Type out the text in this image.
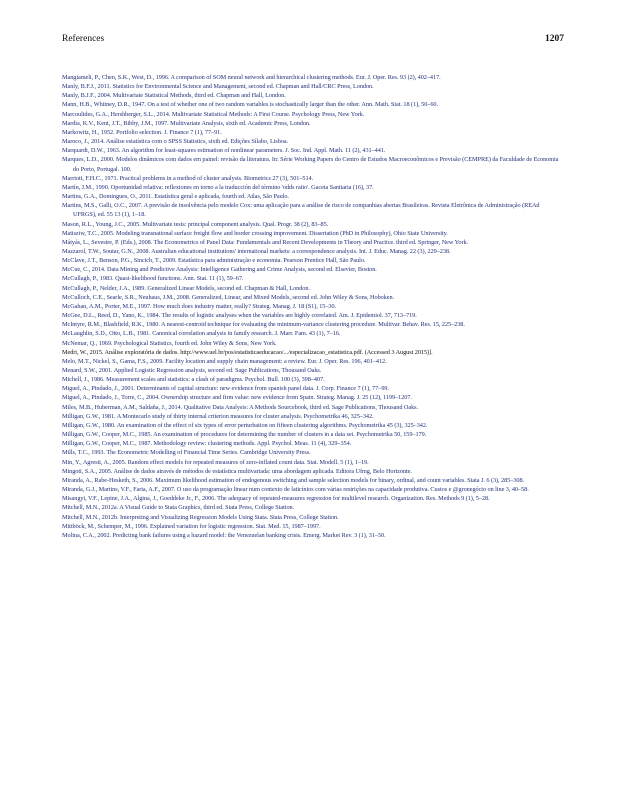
References	1207
Mangiameli, P., Chen, S.K., West, D., 1996. A comparison of SOM neural network and hierarchical clustering methods. Eur. J. Oper. Res. 93 (2), 402–417.
Manly, B.F.J., 2011. Statistics for Environmental Science and Management, second ed. Chapman and Hall/CRC Press, London.
Manly, B.J.F., 2004. Multivariate Statistical Methods, third ed. Chapman and Hall, London.
Mann, H.B., Whitney, D.R., 1947. On a test of whether one of two random variables is stochastically larger than the other. Ann. Math. Stat. 18 (1), 50–60.
Marcoulides, G.A., Hershberger, S.L., 2014. Multivariate Statistical Methods: A First Course. Psychology Press, New York.
Mardia, K.V., Kent, J.T., Bibby, J.M., 1997. Multivariate Analysis, sixth ed. Academic Press, London.
Markowitz, H., 1952. Portfolio selection. J. Finance 7 (1), 77–91.
Maroco, J., 2014. Análise estatística com o SPSS Statistics, sixth ed. Edições Sílabo, Lisboa.
Marquardt, D.W., 1963. An algorithm for least-squares estimation of nonlinear parameters. J. Soc. Ind. Appl. Math. 11 (2), 431–441.
Marques, L.D., 2000. Modelos dinâmicos com dados em painel: revisão da literatura. In: Série Working Papers do Centro de Estudos Macroeconômicos e Previsão (CEMPRE) da Faculdade de Economia do Porto, Portugal. 100.
Marriott, F.H.C., 1971. Practical problems in a method of cluster analysis. Biometrics 27 (3), 501–514.
Martín, J.M., 1990. Oportunidad relativa: reflexiones en torno a la traducción del término 'odds ratio'. Gaceta Sanitaria (16), 37.
Martins, G.A., Domingues, O., 2011. Estatística geral e aplicada, fourth ed. Atlas, São Paulo.
Martins, M.S., Galli, O.C., 2007. A previsão de insolvência pelo modelo Cox: uma aplicação para a análise de risco de companhias abertas Brasileiras. Revista Eletrônica de Administração (REAd UFRGS), ed. 55 13 (1), 1–18.
Mason, R.L., Young, J.C., 2005. Multivariate tests: principal component analysis. Qual. Progr. 38 (2), 83–85.
Matisziw, T.C., 2005. Modeling transnational surface freight flow and border crossing improvement. Dissertation (PhD in Philosophy), Ohio State University.
Mátyás, L., Sevestre, P. (Eds.), 2008. The Econometrics of Panel Data: Fundamentals and Recent Developments in Theory and Practice. third ed. Springer, New York.
Mazzarol, T.W., Soutar, G.N., 2008. Australian educational institutions' international markets: a correspondence analysis. Int. J. Educ. Manag. 22 (3), 229–238.
McClave, J.T., Benson, P.G., Sincich, T., 2009. Estatística para administração e economia. Pearson Prentice Hall, São Paulo.
McCue, C., 2014. Data Mining and Predictive Analysis: Intelligence Gathering and Crime Analysis, second ed. Elsevier, Boston.
McCullagh, P., 1983. Quasi-likelihood functions. Ann. Stat. 11 (1), 59–67.
McCullagh, P., Nelder, J.A., 1989. Generalized Linear Models, second ed. Chapman & Hall, London.
McCulloch, C.E., Searle, S.R., Neuhaus, J.M., 2008. Generalized, Linear, and Mixed Models, second ed. John Wiley & Sons, Hoboken.
McGahan, A.M., Porter, M.E., 1997. How much does industry matter, really? Strateg. Manag. J. 18 (S1), 15–30.
McGee, D.L., Reed, D., Yano, K., 1984. The results of logistic analyses when the variables are highly correlated. Am. J. Epidemiol. 37, 713–719.
McIntyre, R.M., Blashfield, R.K., 1980. A nearest-centroid technique for evaluating the minimum-variance clustering procedure. Multivar. Behav. Res. 15, 225–238.
McLaughlin, S.D., Otto, L.B., 1981. Canonical correlation analysis in family research. J. Marr. Fam. 43 (1), 7–16.
McNemar, Q., 1969. Psychological Statistics, fourth ed. John Wiley & Sons, New York.
Medri, W., 2015. Análise exploratória de dados. http://www.uel.br/pos/estatisticaeducacao/.../especializacao_estatistica.pdf. (Accessed 3 August 2015)].
Melo, M.T., Nickel, S., Gama, F.S., 2009. Facility location and supply chain management: a review. Eur. J. Oper. Res. 196, 401–412.
Menard, S.W., 2001. Applied Logistic Regression analysis, second ed. Sage Publications, Thousand Oaks.
Michell, J., 1986. Measurement scales and statistics: a clash of paradigms. Psychol. Bull. 100 (3), 398–407.
Miguel, A., Pindado, J., 2001. Determinants of capital structure: new evidence from spanish panel data. J. Corp. Finance 7 (1), 77–99.
Miguel, A., Pindado, J., Torre, C., 2004. Ownership structure and firm value: new evidence from Spain. Strateg. Manag. J. 25 (12), 1199–1207.
Miles, M.B., Huberman, A.M., Saldaña, J., 2014. Qualitative Data Analysis: A Methods Sourcebook, third ed. Sage Publications, Thousand Oaks.
Milligan, G.W., 1981. A Montecarlo study of thirty internal criterion measures for cluster analysis. Psychometrika 46, 325–342.
Milligan, G.W., 1980. An examination of the effect of six types of error perturbation on fifteen clustering algorithms. Psychometrika 45 (3), 325–342.
Milligan, G.W., Cooper, M.C., 1985. An examination of procedures for determining the number of clusters in a data set. Psychometrika 50, 159–179.
Milligan, G.W., Cooper, M.C., 1987. Methodology review: clustering methods. Appl. Psychol. Meas. 11 (4), 329–354.
Mills, T.C., 1993. The Econometric Modelling of Financial Time Series. Cambridge University Press.
Min, Y., Agresti, A., 2005. Random effect models for repeated measures of zero-inflated count data. Stat. Modell. 5 (1), 1–19.
Mingoti, S.A., 2005. Análise de dados através de métodos de estatística multivariada: uma abordagem aplicada. Editora Ufmg, Belo Horizonte.
Miranda, A., Rabe-Hesketh, S., 2006. Maximum likelihood estimation of endogenous switching and sample selection models for binary, ordinal, and count variables. Stata J. 6 (3), 285–308.
Miranda, G.J., Martins, V.F., Faria, A.F., 2007. O uso da programação linear num contexto de laticínios com várias restrições na capacidade produtiva. Custos e @gronegócio on line 3, 40–58.
Misangyi, V.F., Lepine, J.A., Algina, J., Goeddeke Jr., F., 2006. The adequacy of repeated-measures regression for multilevel research. Organization. Res. Methods 9 (1), 5–28.
Mitchell, M.N., 2012a. A Visual Guide to Stata Graphics, third ed. Stata Press, College Station.
Mitchell, M.N., 2012b. Interpreting and Visualizing Regression Models Using Stata. Stata Press, College Station.
Mittböck, M., Schemper, M., 1996. Explained variation for logistic regression. Stat. Med. 15, 1987–1997.
Molina, C.A., 2002. Predicting bank failures using a hazard model: the Venezuelan banking crisis. Emerg. Market Rev. 3 (1), 31–50.
